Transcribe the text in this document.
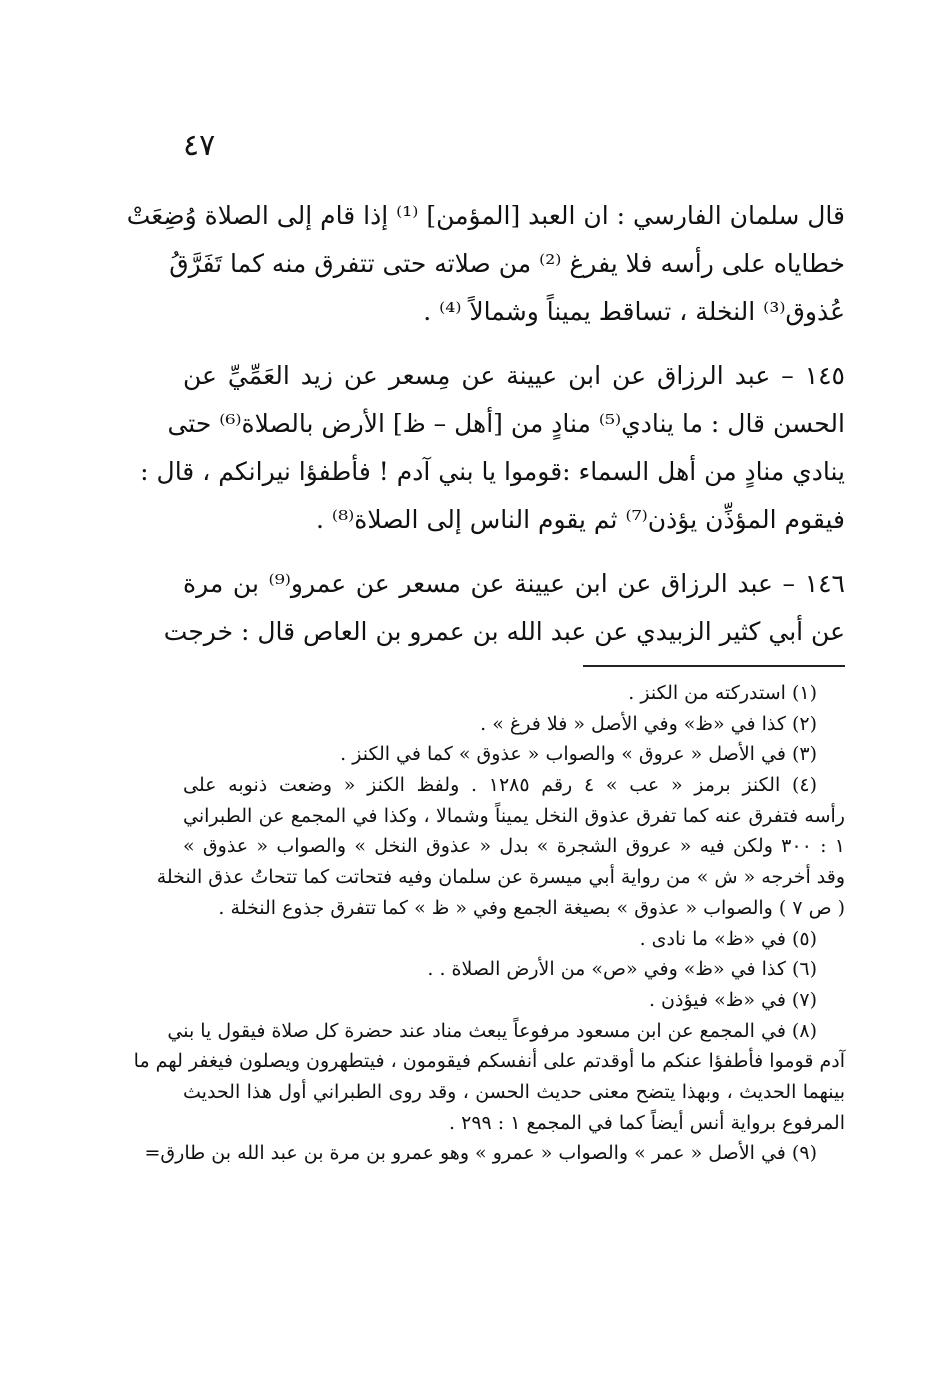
٤٧
قال سلمان الفارسي : ان العبد [المؤمن] ⁽¹⁾ إذا قام إلى الصلاة وُضِعَتْ
خطاياه على رأسه فلا يفرغ ⁽²⁾ من صلاته حتى تتفرق منه كما تَفَرَّقُ
عُذوق⁽³⁾ النخلة ، تساقط يميناً وشمالاً ⁽⁴⁾ .
١٤٥ – عبد الرزاق عن ابن عيينة عن مِسعر عن زيد العَمِّيِّ عن
الحسن قال : ما ينادي⁽⁵⁾ منادٍ من [أهل – ظ] الأرض بالصلاة⁽⁶⁾ حتى
ينادي منادٍ من أهل السماء :قوموا يا بني آدم ! فأطفؤا نيرانكم ، قال :
فيقوم المؤذِّن يؤذن⁽⁷⁾ ثم يقوم الناس إلى الصلاة⁽⁸⁾ .
١٤٦ – عبد الرزاق عن ابن عيينة عن مسعر عن عمرو⁽⁹⁾ بن مرة
عن أبي كثير الزبيدي عن عبد الله بن عمرو بن العاص قال : خرجت
(١) استدركته من الكنز .
(٢) كذا في «ظ» وفي الأصل « فلا فرغ » .
(٣) في الأصل « عروق » والصواب « عذوق » كما في الكنز .
(٤) الكنز برمز « عب » ٤ رقم ١٢٨٥ . ولفظ الكنز « وضعت ذنوبه على
رأسه فتفرق عنه كما تفرق عذوق النخل يميناً وشمالا ، وكذا في المجمع عن الطبراني
١ : ٣٠٠ ولكن فيه « عروق الشجرة » بدل « عذوق النخل » والصواب « عذوق »
وقد أخرجه « ش » من رواية أبي ميسرة عن سلمان وفيه فتحاتت كما تتحاتُ عذق النخلة
( ص ٧ ) والصواب « عذوق » بصيغة الجمع وفي « ظ » كما تتفرق جذوع النخلة .
(٥) في «ظ» ما نادى .
(٦) كذا في «ظ» وفي «ص» من الأرض الصلاة . .
(٧) في «ظ» فيؤذن .
(٨) في المجمع عن ابن مسعود مرفوعاً يبعث مناد عند حضرة كل صلاة فيقول يا بني
آدم قوموا فأطفؤا عنكم ما أوقدتم على أنفسكم فيقومون ، فيتطهرون ويصلون فيغفر لهم ما
بينهما الحديث ، وبهذا يتضح معنى حديث الحسن ، وقد روى الطبراني أول هذا الحديث
المرفوع برواية أنس أيضاً كما في المجمع ١ : ٢٩٩ .
(٩) في الأصل « عمر » والصواب « عمرو » وهو عمرو بن مرة بن عبد الله بن طارق=
